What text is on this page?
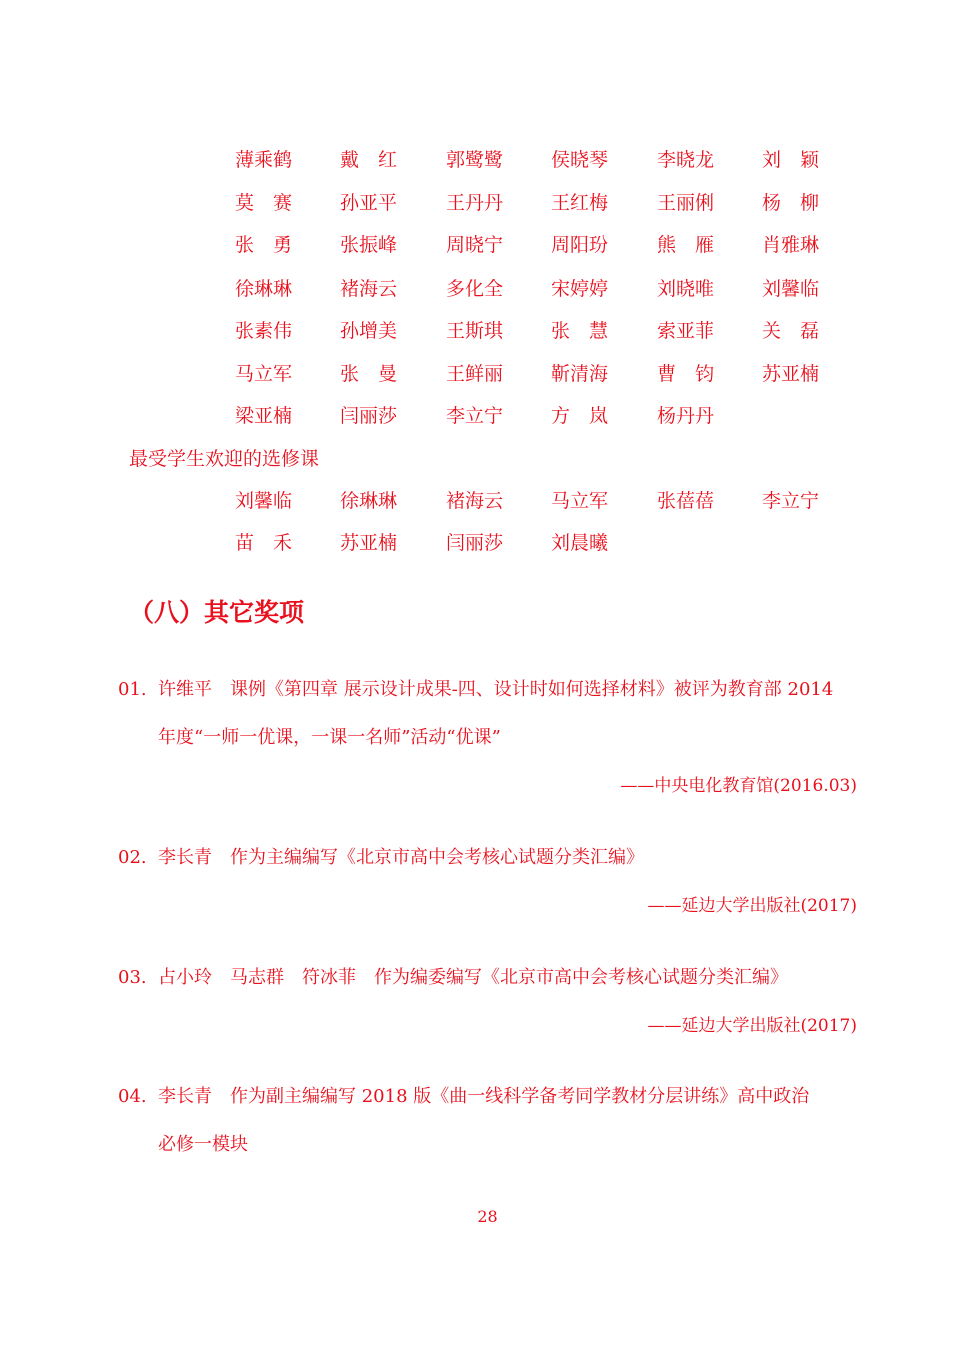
薄乘鹤	戴　红	郭鹭鹭	侯晓琴	李晓龙	刘　颖
莫　赛	孙亚平	王丹丹	王红梅	王丽俐	杨　柳
张　勇	张振峰	周晓宁	周阳玢	熊　雁	肖雅琳
徐琳琳	褚海云	多化全	宋婷婷	刘晓唯	刘馨临
张素伟	孙增美	王斯琪	张　慧	索亚菲	关　磊
马立军	张　曼	王鲜丽	靳清海	曹　钧	苏亚楠
梁亚楠	闫丽莎	李立宁	方　岚	杨丹丹
最受学生欢迎的选修课
刘馨临	徐琳琳	褚海云	马立军	张蓓蓓	李立宁
苗　禾	苏亚楠	闫丽莎	刘晨曦
（八）其它奖项
01. 许维平　课例《第四章 展示设计成果-四、设计时如何选择材料》被评为教育部 2014
年度“一师一优课，一课一名师”活动“优课”
——中央电化教育馆(2016.03)
02. 李长青　作为主编编写《北京市高中会考核心试题分类汇编》
——延边大学出版社(2017)
03. 占小玲　马志群　符冰菲　作为编委编写《北京市高中会考核心试题分类汇编》
——延边大学出版社(2017)
04. 李长青　作为副主编编写 2018 版《曲一线科学备考同学教材分层讲练》高中政治
必修一模块
28
